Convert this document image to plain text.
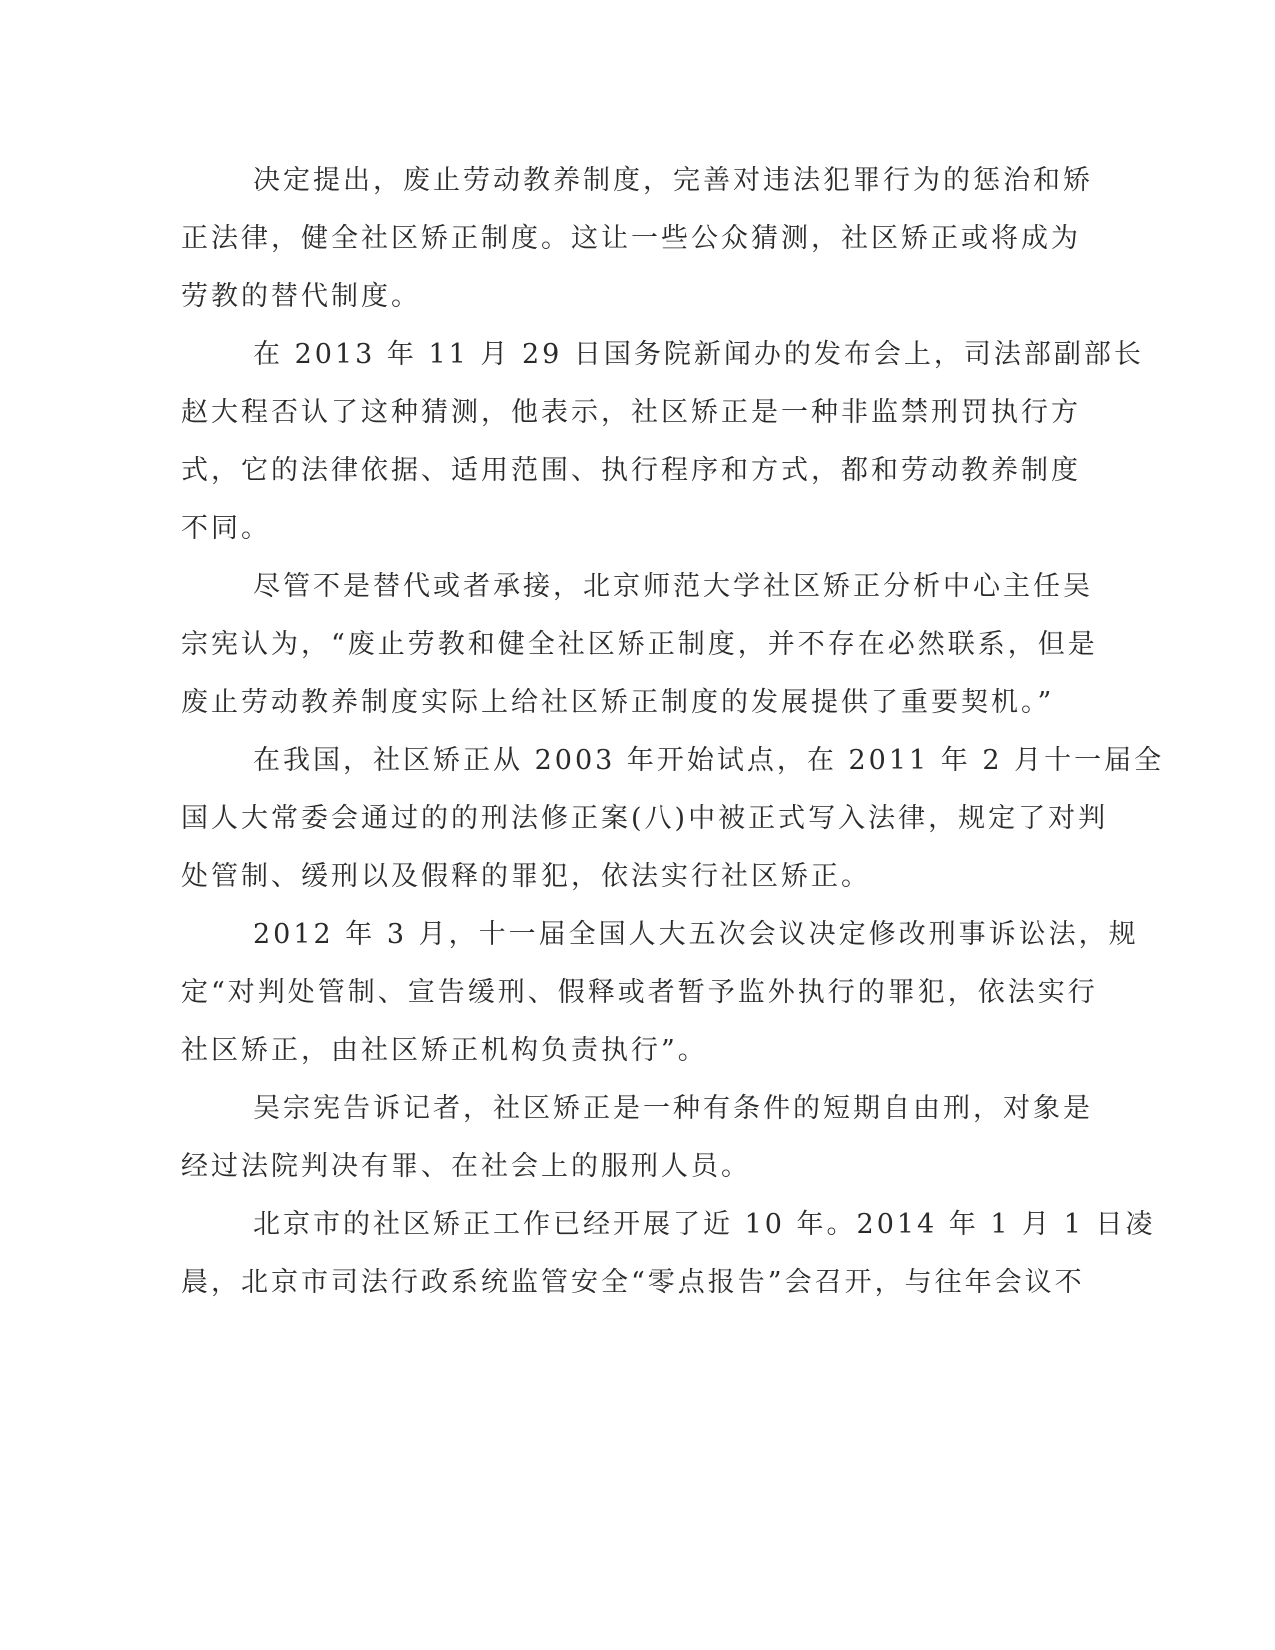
决定提出，废止劳动教养制度，完善对违法犯罪行为的惩治和矫
正法律，健全社区矫正制度。这让一些公众猜测，社区矫正或将成为
劳教的替代制度。
在 2013 年 11 月 29 日国务院新闻办的发布会上，司法部副部长
赵大程否认了这种猜测，他表示，社区矫正是一种非监禁刑罚执行方
式，它的法律依据、适用范围、执行程序和方式，都和劳动教养制度
不同。
尽管不是替代或者承接，北京师范大学社区矫正分析中心主任吴
宗宪认为，“废止劳教和健全社区矫正制度，并不存在必然联系，但是
废止劳动教养制度实际上给社区矫正制度的发展提供了重要契机。”
在我国，社区矫正从 2003 年开始试点，在 2011 年 2 月十一届全
国人大常委会通过的的刑法修正案(八)中被正式写入法律，规定了对判
处管制、缓刑以及假释的罪犯，依法实行社区矫正。
2012 年 3 月，十一届全国人大五次会议决定修改刑事诉讼法，规
定“对判处管制、宣告缓刑、假释或者暂予监外执行的罪犯，依法实行
社区矫正，由社区矫正机构负责执行”。
吴宗宪告诉记者，社区矫正是一种有条件的短期自由刑，对象是
经过法院判决有罪、在社会上的服刑人员。
北京市的社区矫正工作已经开展了近 10 年。2014 年 1 月 1 日凌
晨，北京市司法行政系统监管安全“零点报告”会召开，与往年会议不
